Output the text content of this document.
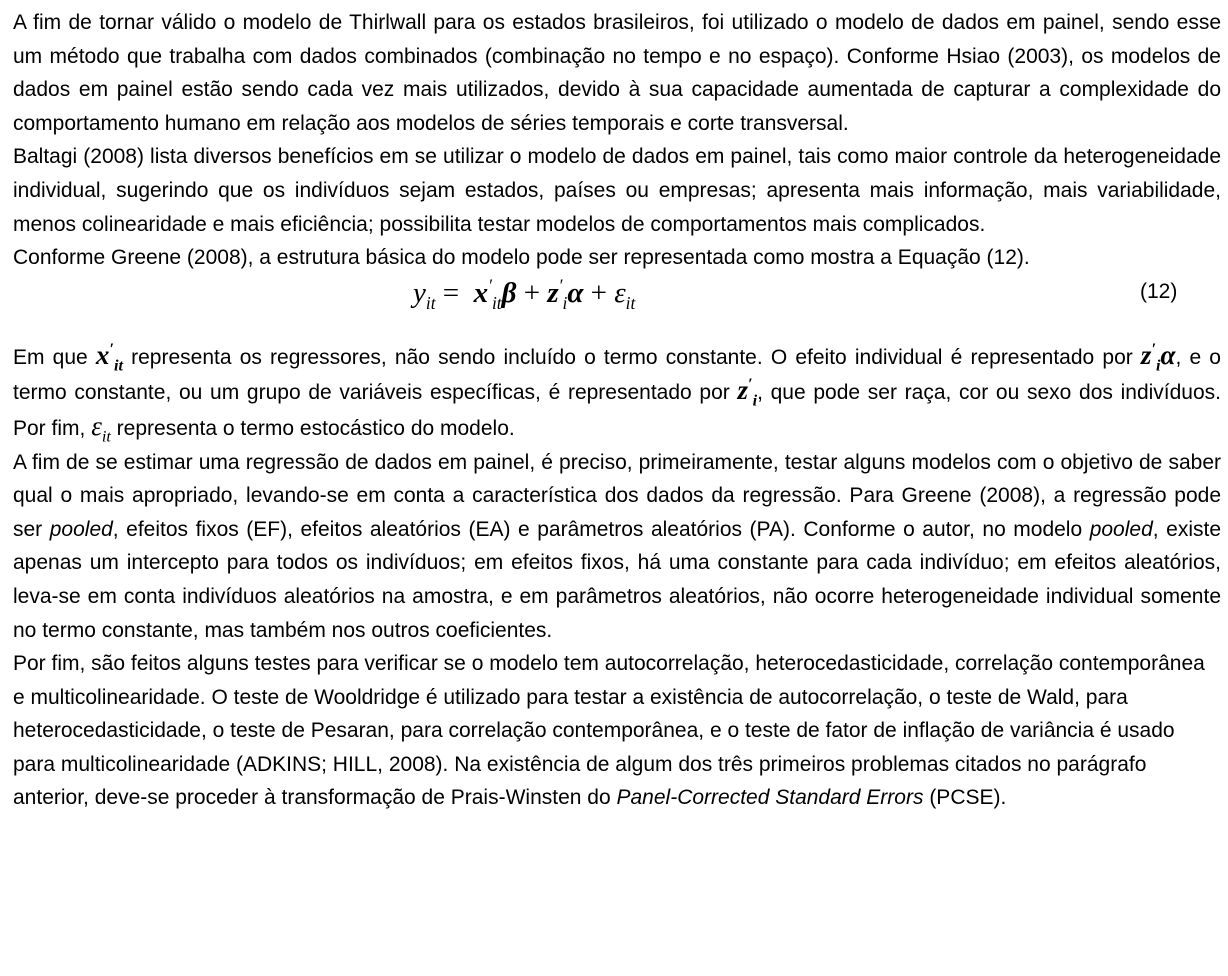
A fim de tornar válido o modelo de Thirlwall para os estados brasileiros, foi utilizado o modelo de dados em painel, sendo esse um método que trabalha com dados combinados (combinação no tempo e no espaço). Conforme Hsiao (2003), os modelos de dados em painel estão sendo cada vez mais utilizados, devido à sua capacidade aumentada de capturar a complexidade do comportamento humano em relação aos modelos de séries temporais e corte transversal.

Baltagi (2008) lista diversos benefícios em se utilizar o modelo de dados em painel, tais como maior controle da heterogeneidade individual, sugerindo que os indivíduos sejam estados, países ou empresas; apresenta mais informação, mais variabilidade, menos colinearidade e mais eficiência; possibilita testar modelos de comportamentos mais complicados.

Conforme Greene (2008), a estrutura básica do modelo pode ser representada como mostra a Equação (12).

$y_{it} = x'_{it}\beta + z'_i\alpha + \varepsilon_{it}$	(12)

Em que $x'_{it}$ representa os regressores, não sendo incluído o termo constante. O efeito individual é representado por $z'_i\alpha$, e o termo constante, ou um grupo de variáveis específicas, é representado por $z'_i$, que pode ser raça, cor ou sexo dos indivíduos. Por fim, $\varepsilon_{it}$ representa o termo estocástico do modelo.

A fim de se estimar uma regressão de dados em painel, é preciso, primeiramente, testar alguns modelos com o objetivo de saber qual o mais apropriado, levando-se em conta a característica dos dados da regressão. Para Greene (2008), a regressão pode ser pooled, efeitos fixos (EF), efeitos aleatórios (EA) e parâmetros aleatórios (PA). Conforme o autor, no modelo pooled, existe apenas um intercepto para todos os indivíduos; em efeitos fixos, há uma constante para cada indivíduo; em efeitos aleatórios, leva-se em conta indivíduos aleatórios na amostra, e em parâmetros aleatórios, não ocorre heterogeneidade individual somente no termo constante, mas também nos outros coeficientes.

Por fim, são feitos alguns testes para verificar se o modelo tem autocorrelação, heterocedasticidade, correlação contemporânea e multicolinearidade. O teste de Wooldridge é utilizado para testar a existência de autocorrelação, o teste de Wald, para heterocedasticidade, o teste de Pesaran, para correlação contemporânea, e o teste de fator de inflação de variância é usado para multicolinearidade (ADKINS; HILL, 2008). Na existência de algum dos três primeiros problemas citados no parágrafo anterior, deve-se proceder à transformação de Prais-Winsten do Panel-Corrected Standard Errors (PCSE).
